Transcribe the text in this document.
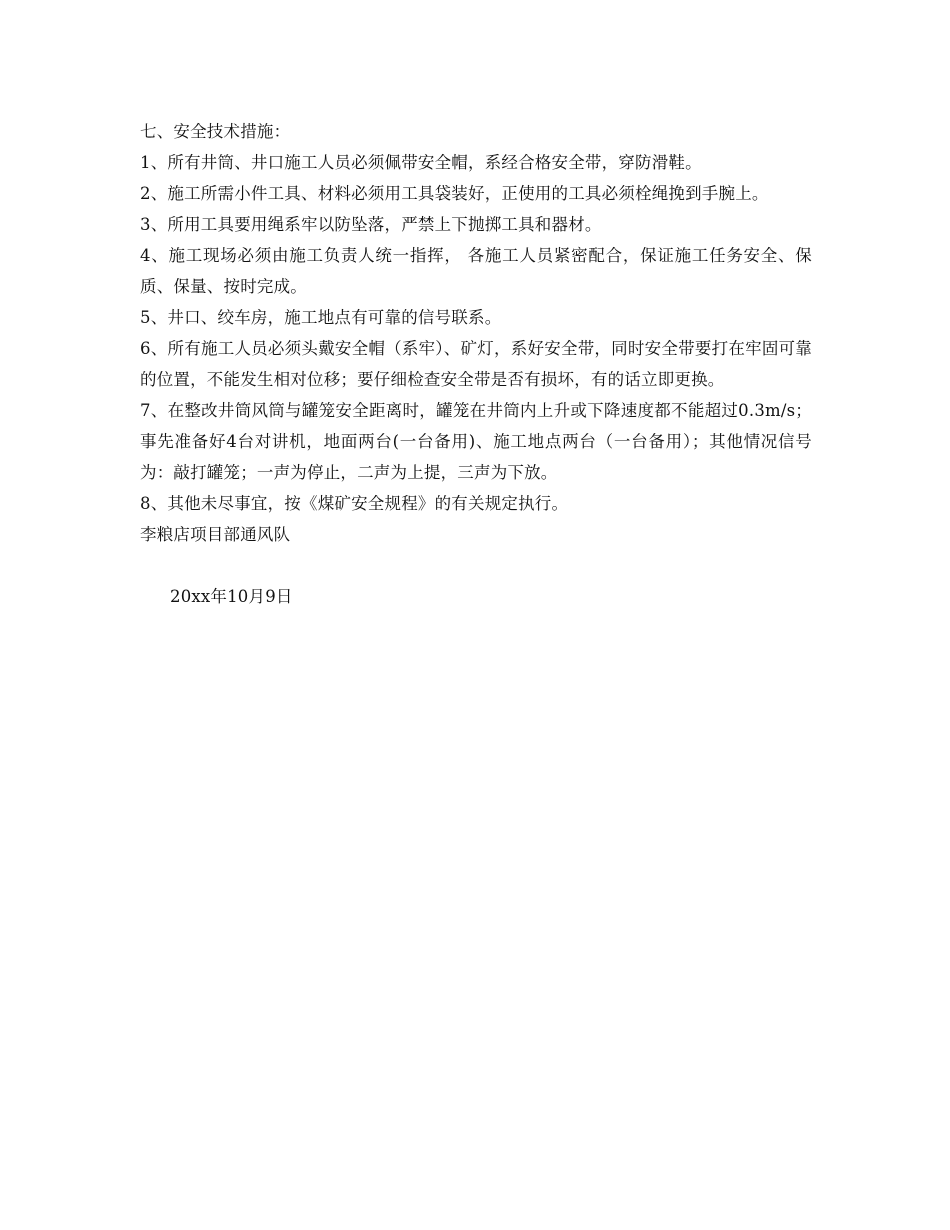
七、安全技术措施：

1、所有井筒、井口施工人员必须佩带安全帽，系经合格安全带，穿防滑鞋。

2、施工所需小件工具、材料必须用工具袋装好，正使用的工具必须栓绳挽到手腕上。

3、所用工具要用绳系牢以防坠落，严禁上下抛掷工具和器材。

4、施工现场必须由施工负责人统一指挥， 各施工人员紧密配合，保证施工任务安全、保质、保量、按时完成。

5、井口、绞车房，施工地点有可靠的信号联系。

6、所有施工人员必须头戴安全帽（系牢）、矿灯，系好安全带，同时安全带要打在牢固可靠的位置，不能发生相对位移；要仔细检查安全带是否有损坏，有的话立即更换。

7、在整改井筒风筒与罐笼安全距离时，罐笼在井筒内上升或下降速度都不能超过0.3m/s；事先准备好4台对讲机，地面两台(一台备用)、施工地点两台（一台备用）；其他情况信号为：敲打罐笼；一声为停止，二声为上提，三声为下放。

8、其他未尽事宜，按《煤矿安全规程》的有关规定执行。

李粮店项目部通风队

20xx年10月9日
